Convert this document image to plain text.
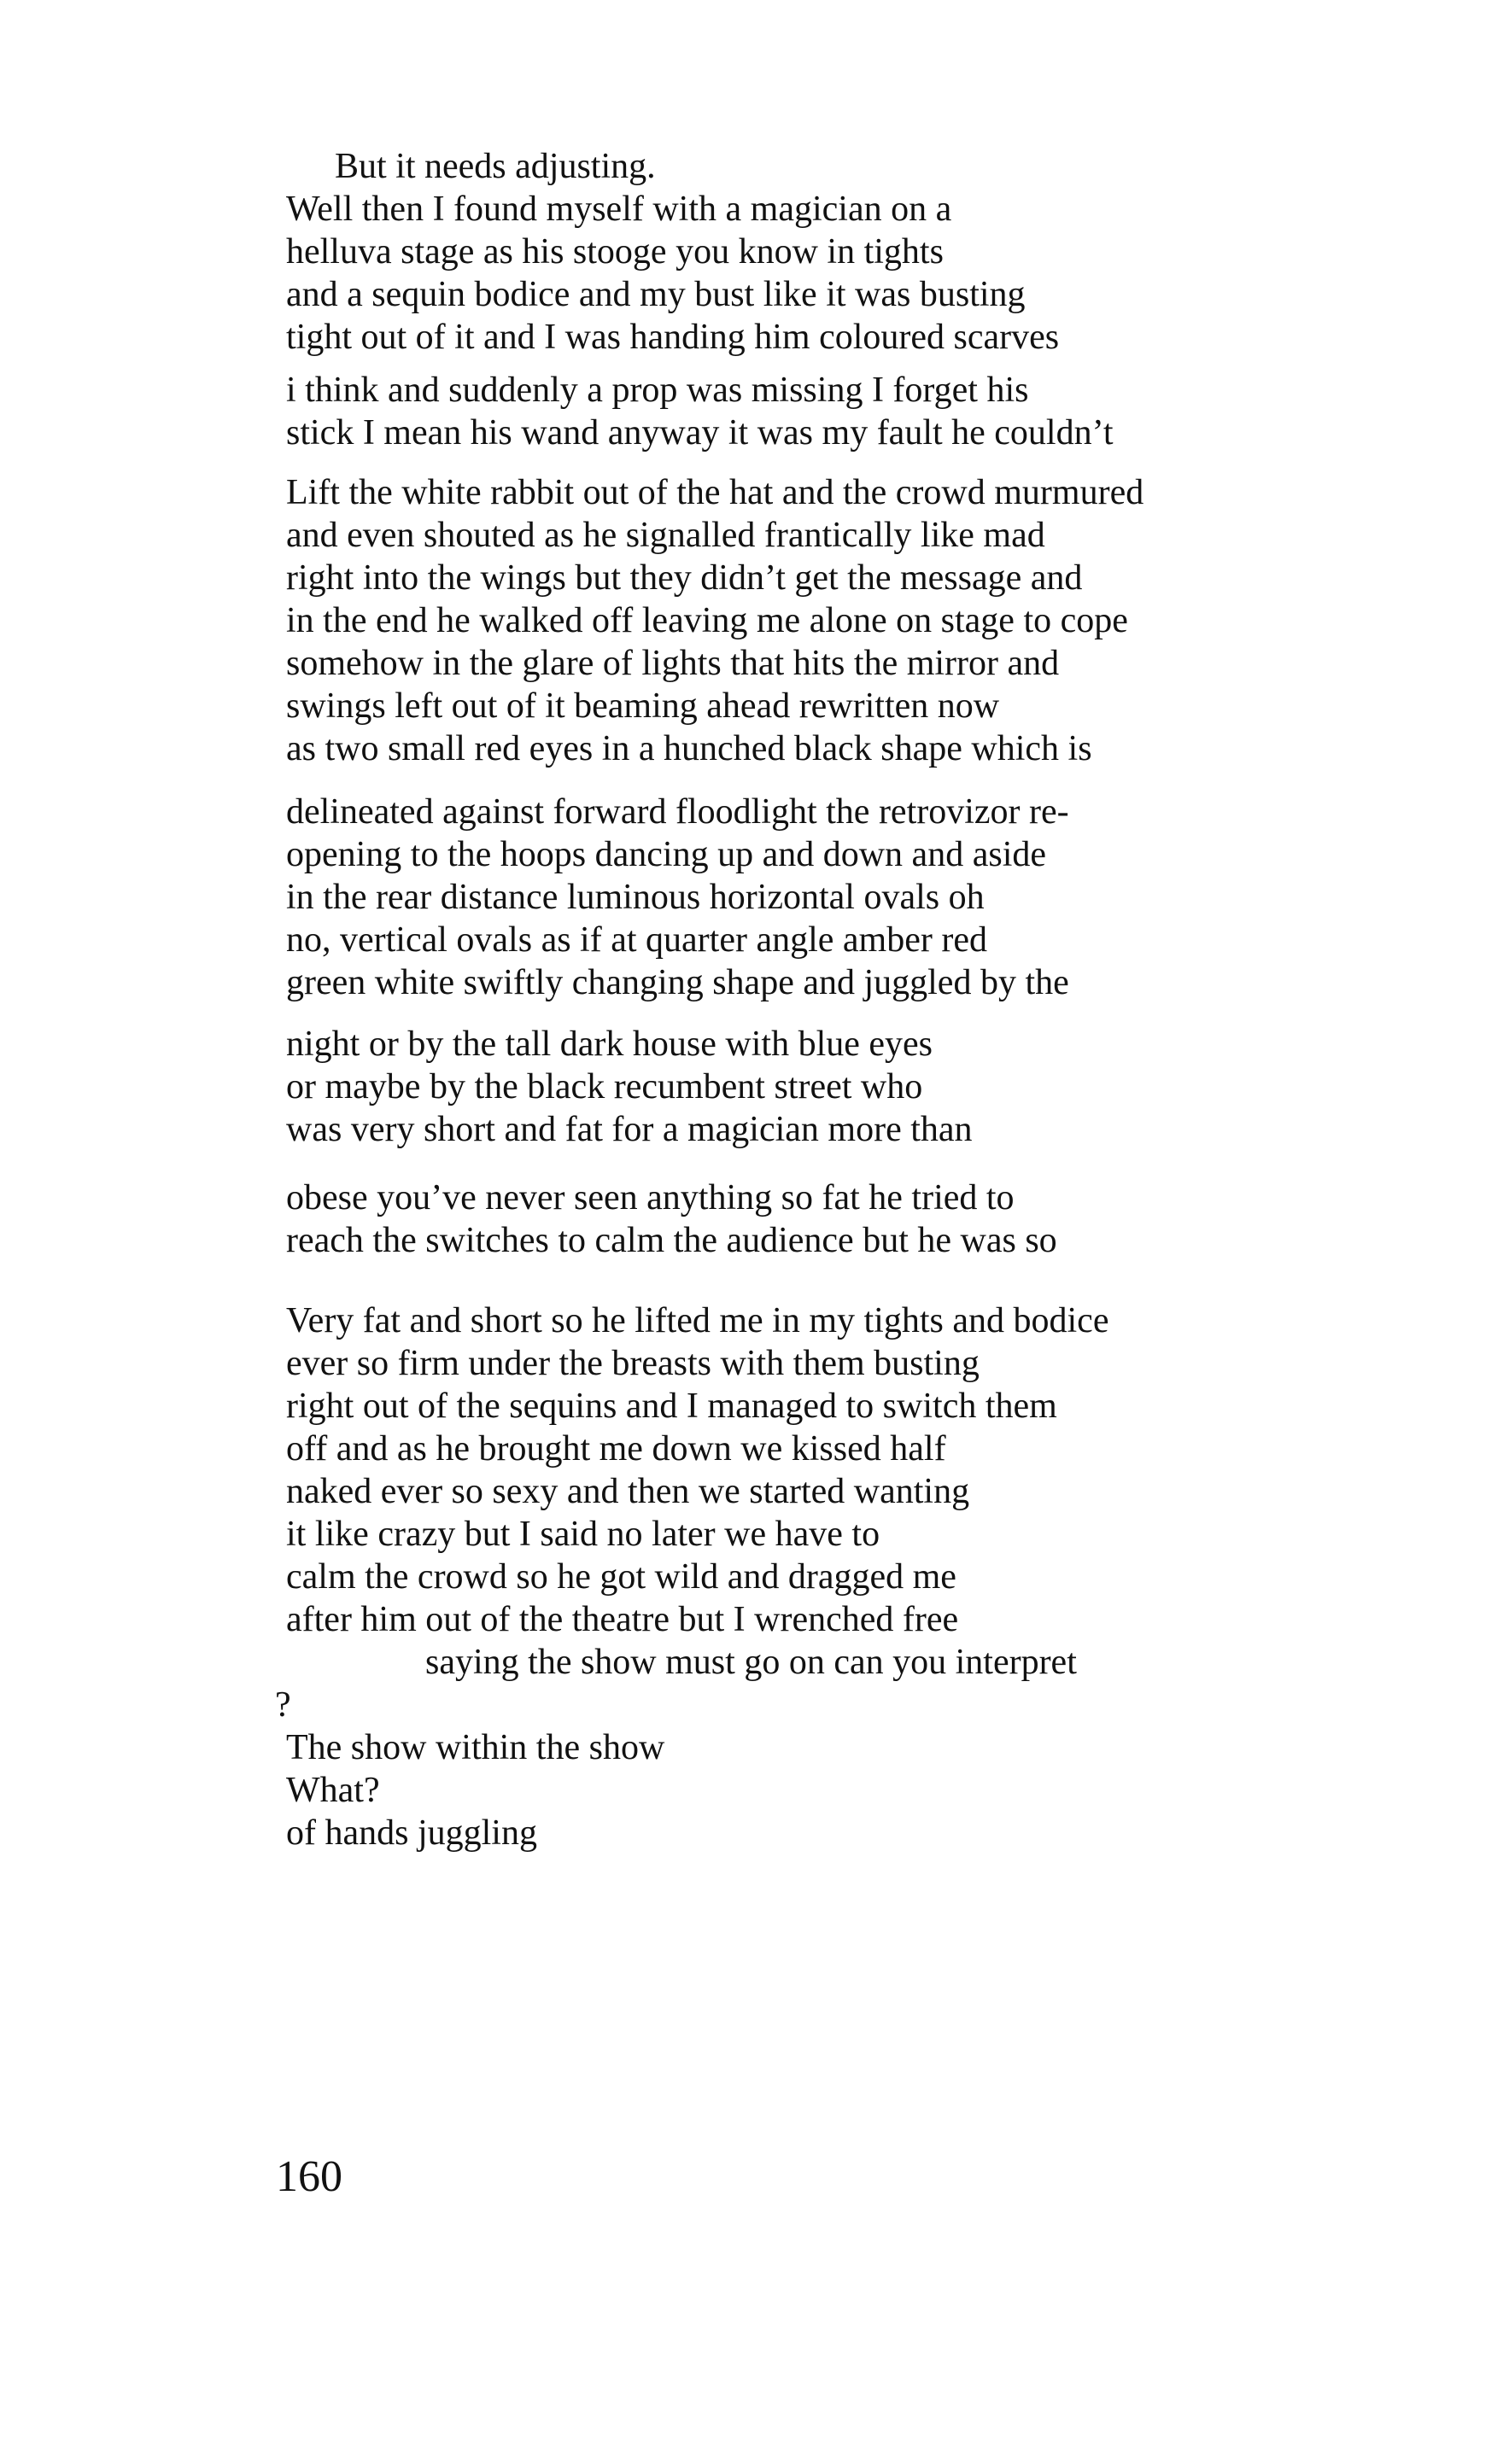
But it needs adjusting.
Well then I found myself with a magician on a
helluva stage as his stooge you know in tights
and a sequin bodice and my bust like it was busting
tight out of it and I was handing him coloured scarves
i think and suddenly a prop was missing I forget his
stick I mean his wand anyway it was my fault he couldn’t
Lift the white rabbit out of the hat and the crowd murmured
and even shouted as he signalled frantically like mad
right into the wings but they didn’t get the message and
in the end he walked off leaving me alone on stage to cope
somehow in the glare of lights that hits the mirror and
swings left out of it beaming ahead rewritten now
as two small red eyes in a hunched black shape which is
delineated against forward floodlight the retrovizor re-
opening to the hoops dancing up and down and aside
in the rear distance luminous horizontal ovals oh
no, vertical ovals as if at quarter angle amber red
green white swiftly changing shape and juggled by the
night or by the tall dark house with blue eyes
or maybe by the black recumbent street who
was very short and fat for a magician more than
obese you’ve never seen anything so fat he tried to
reach the switches to calm the audience but he was so
Very fat and short so he lifted me in my tights and bodice
ever so firm under the breasts with them busting
right out of the sequins and I managed to switch them
off and as he brought me down we kissed half
naked ever so sexy and then we started wanting
it like crazy but I said no later we have to
calm the crowd so he got wild and dragged me
after him out of the theatre but I wrenched free
saying the show must go on can you interpret
?
The show within the show
What?
of hands juggling
160
